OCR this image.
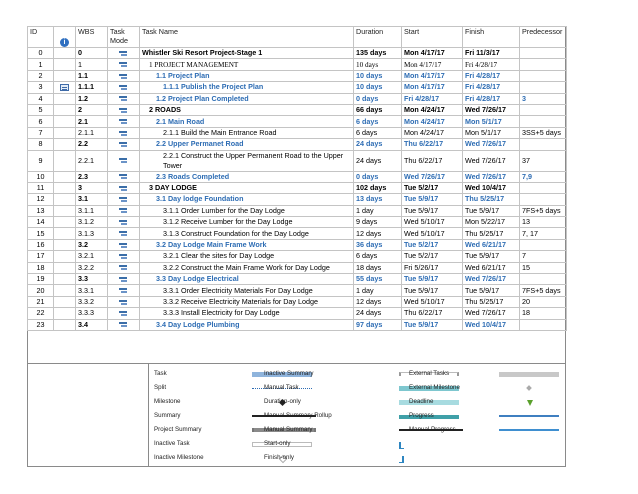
ID	i	WBS	Task Mode	Task Name	Duration	Start	Finish	Predecessor
0		0		Whistler Ski Resort Project-Stage 1	135 days	Mon 4/17/17	Fri 11/3/17	
1		1		1 PROJECT MANAGEMENT	10 days	Mon 4/17/17	Fri 4/28/17	
2		1.1		1.1 Project Plan	10 days	Mon 4/17/17	Fri 4/28/17	
3		1.1.1		1.1.1 Publish the Project Plan	10 days	Mon 4/17/17	Fri 4/28/17	
4		1.2		1.2 Project Plan Completed	0 days	Fri 4/28/17	Fri 4/28/17	3
5		2		2 ROADS	66 days	Mon 4/24/17	Wed 7/26/17	
6		2.1		2.1 Main Road	6 days	Mon 4/24/17	Mon 5/1/17	
7		2.1.1		2.1.1 Build the Main Entrance Road	6 days	Mon 4/24/17	Mon 5/1/17	3SS+5 days
8		2.2		2.2 Upper Permanet Road	24 days	Thu 6/22/17	Wed 7/26/17	
9		2.2.1		2.2.1 Construct the Upper Permanent Road to the Upper Tower	24 days	Thu 6/22/17	Wed 7/26/17	37
10		2.3		2.3 Roads Completed	0 days	Wed 7/26/17	Wed 7/26/17	7,9
11		3		3 DAY LODGE	102 days	Tue 5/2/17	Wed 10/4/17	
12		3.1		3.1 Day lodge Foundation	13 days	Tue 5/9/17	Thu 5/25/17	
13		3.1.1		3.1.1 Order Lumber for the Day Lodge	1 day	Tue 5/9/17	Tue 5/9/17	7FS+5 days
14		3.1.2		3.1.2 Receive Lumber for the Day Lodge	9 days	Wed 5/10/17	Mon 5/22/17	13
15		3.1.3		3.1.3 Construct Foundation for the Day Lodge	12 days	Wed 5/10/17	Thu 5/25/17	7, 17
16		3.2		3.2 Day Lodge Main Frame Work	36 days	Tue 5/2/17	Wed 6/21/17	
17		3.2.1		3.2.1 Clear the sites for Day Lodge	6 days	Tue 5/2/17	Tue 5/9/17	7
18		3.2.2		3.2.2 Construct the Main Frame Work for Day Lodge	18 days	Fri 5/26/17	Wed 6/21/17	15
19		3.3		3.3 Day Lodge Electrical	55 days	Tue 5/9/17	Wed 7/26/17	
20		3.3.1		3.3.1 Order Electricity Materials For Day Lodge	1 day	Tue 5/9/17	Tue 5/9/17	7FS+5 days
21		3.3.2		3.3.2 Receive Electricity Materials for Day Lodge	12 days	Wed 5/10/17	Thu 5/25/17	20
22		3.3.3		3.3.3 Install Electricity for Day Lodge	24 days	Thu 6/22/17	Wed 7/26/17	18
23		3.4		3.4 Day Lodge Plumbing	97 days	Tue 5/9/17	Wed 10/4/17	
Task
Split
Milestone
Summary
Project Summary
Inactive Task
Inactive Milestone
Inactive Summary
Manual Task
Duration-only
Manual Summary Rollup
Manual Summary
Start-only
Finish-only
External Tasks
External Milestone
Deadline
Progress
Manual Progress
